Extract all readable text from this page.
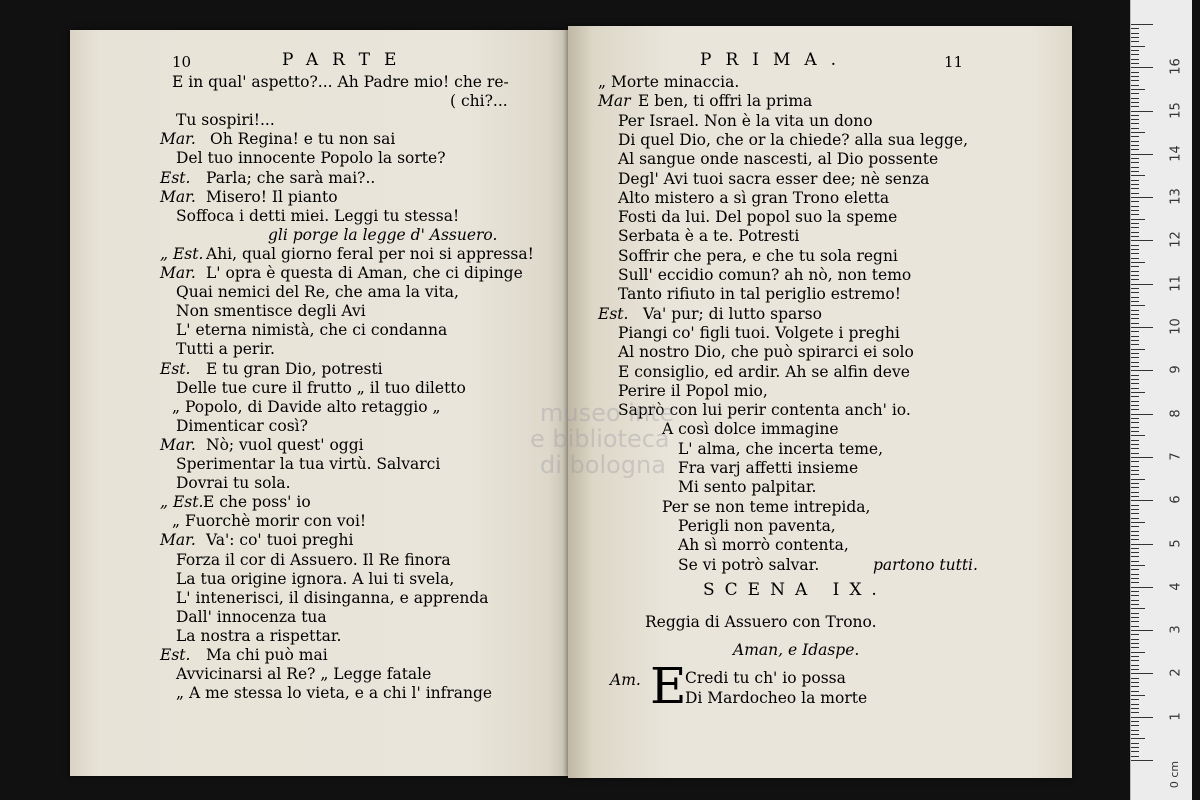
10	PARTE
E in qual' aspetto?... Ah Padre mio! che re-
( chi?...
Tu sospiri!...
Mar. Oh Regina! e tu non sai
Del tuo innocente Popolo la sorte?
Est. Parla; che sarà mai?..
Mar. Misero! Il pianto
Soffoca i detti miei. Leggi tu stessa!
gli porge la legge d' Assuero.
„ Est. Ahi, qual giorno feral per noi si appressa!
Mar. L' opra è questa di Aman, che ci dipinge
Quai nemici del Re, che ama la vita,
Non smentisce degli Avi
L' eterna nimistà, che ci condanna
Tutti a perir.
Est. E tu gran Dio, potresti
Delle tue cure il frutto „ il tuo diletto
„ Popolo, di Davide alto retaggio „
Dimenticar così?
Mar. Nò; vuol quest' oggi
Sperimentar la tua virtù. Salvarci
Dovrai tu sola.
„ Est. E che poss' io
„ Fuorchè morir con voi!
Mar. Va': co' tuoi preghi
Forza il cor di Assuero. Il Re finora
La tua origine ignora. A lui ti svela,
L' intenerisci, il disinganna, e apprenda
Dall' innocenza tua
La nostra a rispettar.
Est. Ma chi può mai
Avvicinarsi al Re? „ Legge fatale
„ A me stessa lo vieta, e a chi l' infrange
PRIMA.	11
„ Morte minaccia.
Mar E ben, ti offri la prima
Per Israel. Non è la vita un dono
Di quel Dio, che or la chiede? alla sua legge,
Al sangue onde nascesti, al Dio possente
Degl' Avi tuoi sacra esser dee; nè senza
Alto mistero a sì gran Trono eletta
Fosti da lui. Del popol suo la speme
Serbata è a te. Potresti
Soffrir che pera, e che tu sola regni
Sull' eccidio comun? ah nò, non temo
Tanto rifiuto in tal periglio estremo!
Est. Va' pur; di lutto sparso
Piangi co' figli tuoi. Volgete i preghi
Al nostro Dio, che può spirarci ei solo
E consiglio, ed ardir. Ah se alfin deve
Perire il Popol mio,
Saprò con lui perir contenta anch' io.
A così dolce immagine
L' alma, che incerta teme,
Fra varj affetti insieme
Mi sento palpitar.
Per se non teme intrepida,
Perigli non paventa,
Ah sì morrò contenta,
Se vi potrò salvar.	partono tutti.
SCENA IX.
Reggia di Assuero con Trono.
Aman, e Idaspe.
Am.	Credi tu ch' io possa
Di Mardocheo la morte
E
museo inte
e biblioteca
di bologna
1
2
3
4
5
6
7
8
9
10
11
12
13
14
15
16
0 cm
